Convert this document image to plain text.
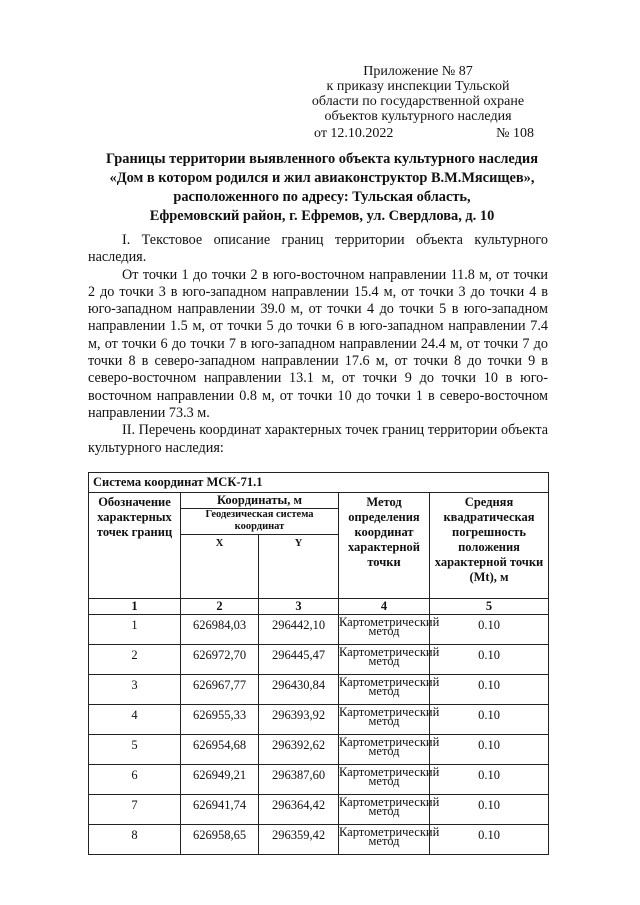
Приложение № 87
к приказу инспекции Тульской
области по государственной охране
объектов культурного наследия
от 12.10.2022	№ 108
Границы территории выявленного объекта культурного наследия
«Дом в котором родился и жил авиаконструктор В.М.Мясищев»,
расположенного по адресу: Тульская область,
Ефремовский район, г. Ефремов, ул. Свердлова, д. 10

I. Текстовое описание границ территории объекта культурного наследия.

От точки 1 до точки 2 в юго-восточном направлении 11.8 м, от точки 2 до точки 3 в юго-западном направлении 15.4 м, от точки 3 до точки 4 в юго-западном направлении 39.0 м, от точки 4 до точки 5 в юго-западном направлении 1.5 м, от точки 5 до точки 6 в юго-западном направлении 7.4 м, от точки 6 до точки 7 в юго-западном направлении 24.4 м, от точки 7 до точки 8 в северо-западном направлении 17.6 м, от точки 8 до точки 9 в северо-восточном направлении 13.1 м, от точки 9 до точки 10 в юго-восточном направлении 0.8 м, от точки 10 до точки 1 в северо-восточном направлении 73.3 м.

II. Перечень координат характерных точек границ территории объекта культурного наследия:

Система координат МСК-71.1				
Обозначение характерных точек границ	Координаты, м		Метод определения координат характерной точки	Средняя квадратическая погрешность положения характерной точки (Mt), м
	Геодезическая система координат			
	X	Y		
1	2	3	4	5
1	626984,03	296442,10	Картометрический метод	0.10
2	626972,70	296445,47	Картометрический метод	0.10
3	626967,77	296430,84	Картометрический метод	0.10
4	626955,33	296393,92	Картометрический метод	0.10
5	626954,68	296392,62	Картометрический метод	0.10
6	626949,21	296387,60	Картометрический метод	0.10
7	626941,74	296364,42	Картометрический метод	0.10
8	626958,65	296359,42	Картометрический метод	0.10
